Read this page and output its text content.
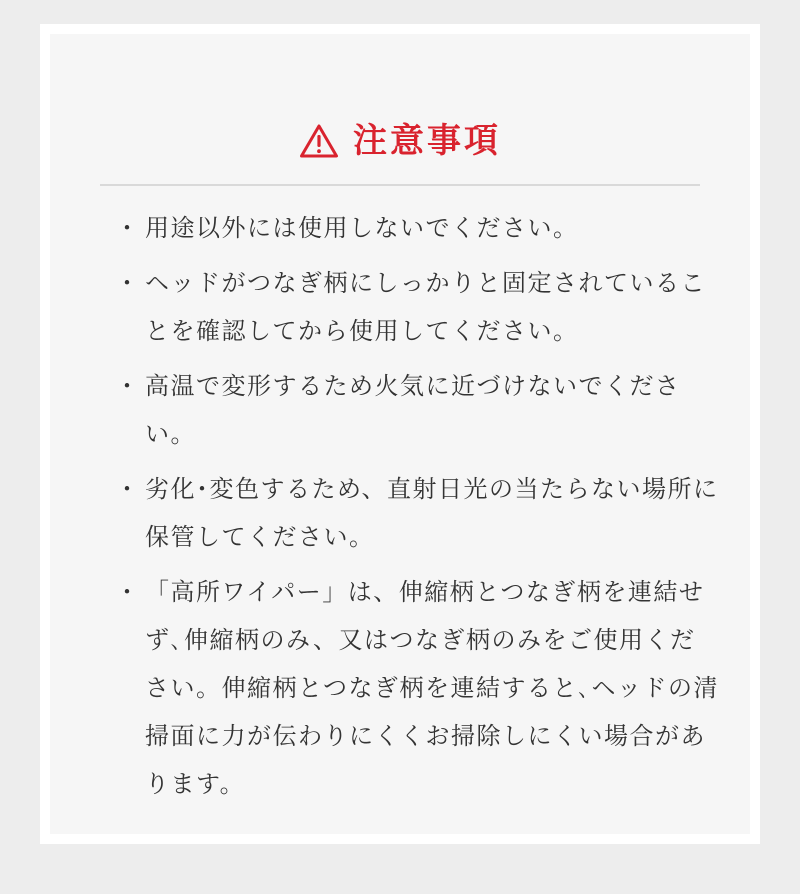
注意事項
・ 用途以外には使用しないでください。
・ ヘッドがつなぎ柄にしっかりと固定されていることを確認してから使用してください。
・ 高温で変形するため火気に近づけないでください。
・ 劣化･変色するため、直射日光の当たらない場所に保管してください。
・ 「高所ワイパー」は、伸縮柄とつなぎ柄を連結せず､伸縮柄のみ、又はつなぎ柄のみをご使用ください。伸縮柄とつなぎ柄を連結すると､ヘッドの清掃面に力が伝わりにくくお掃除しにくい場合があります。
